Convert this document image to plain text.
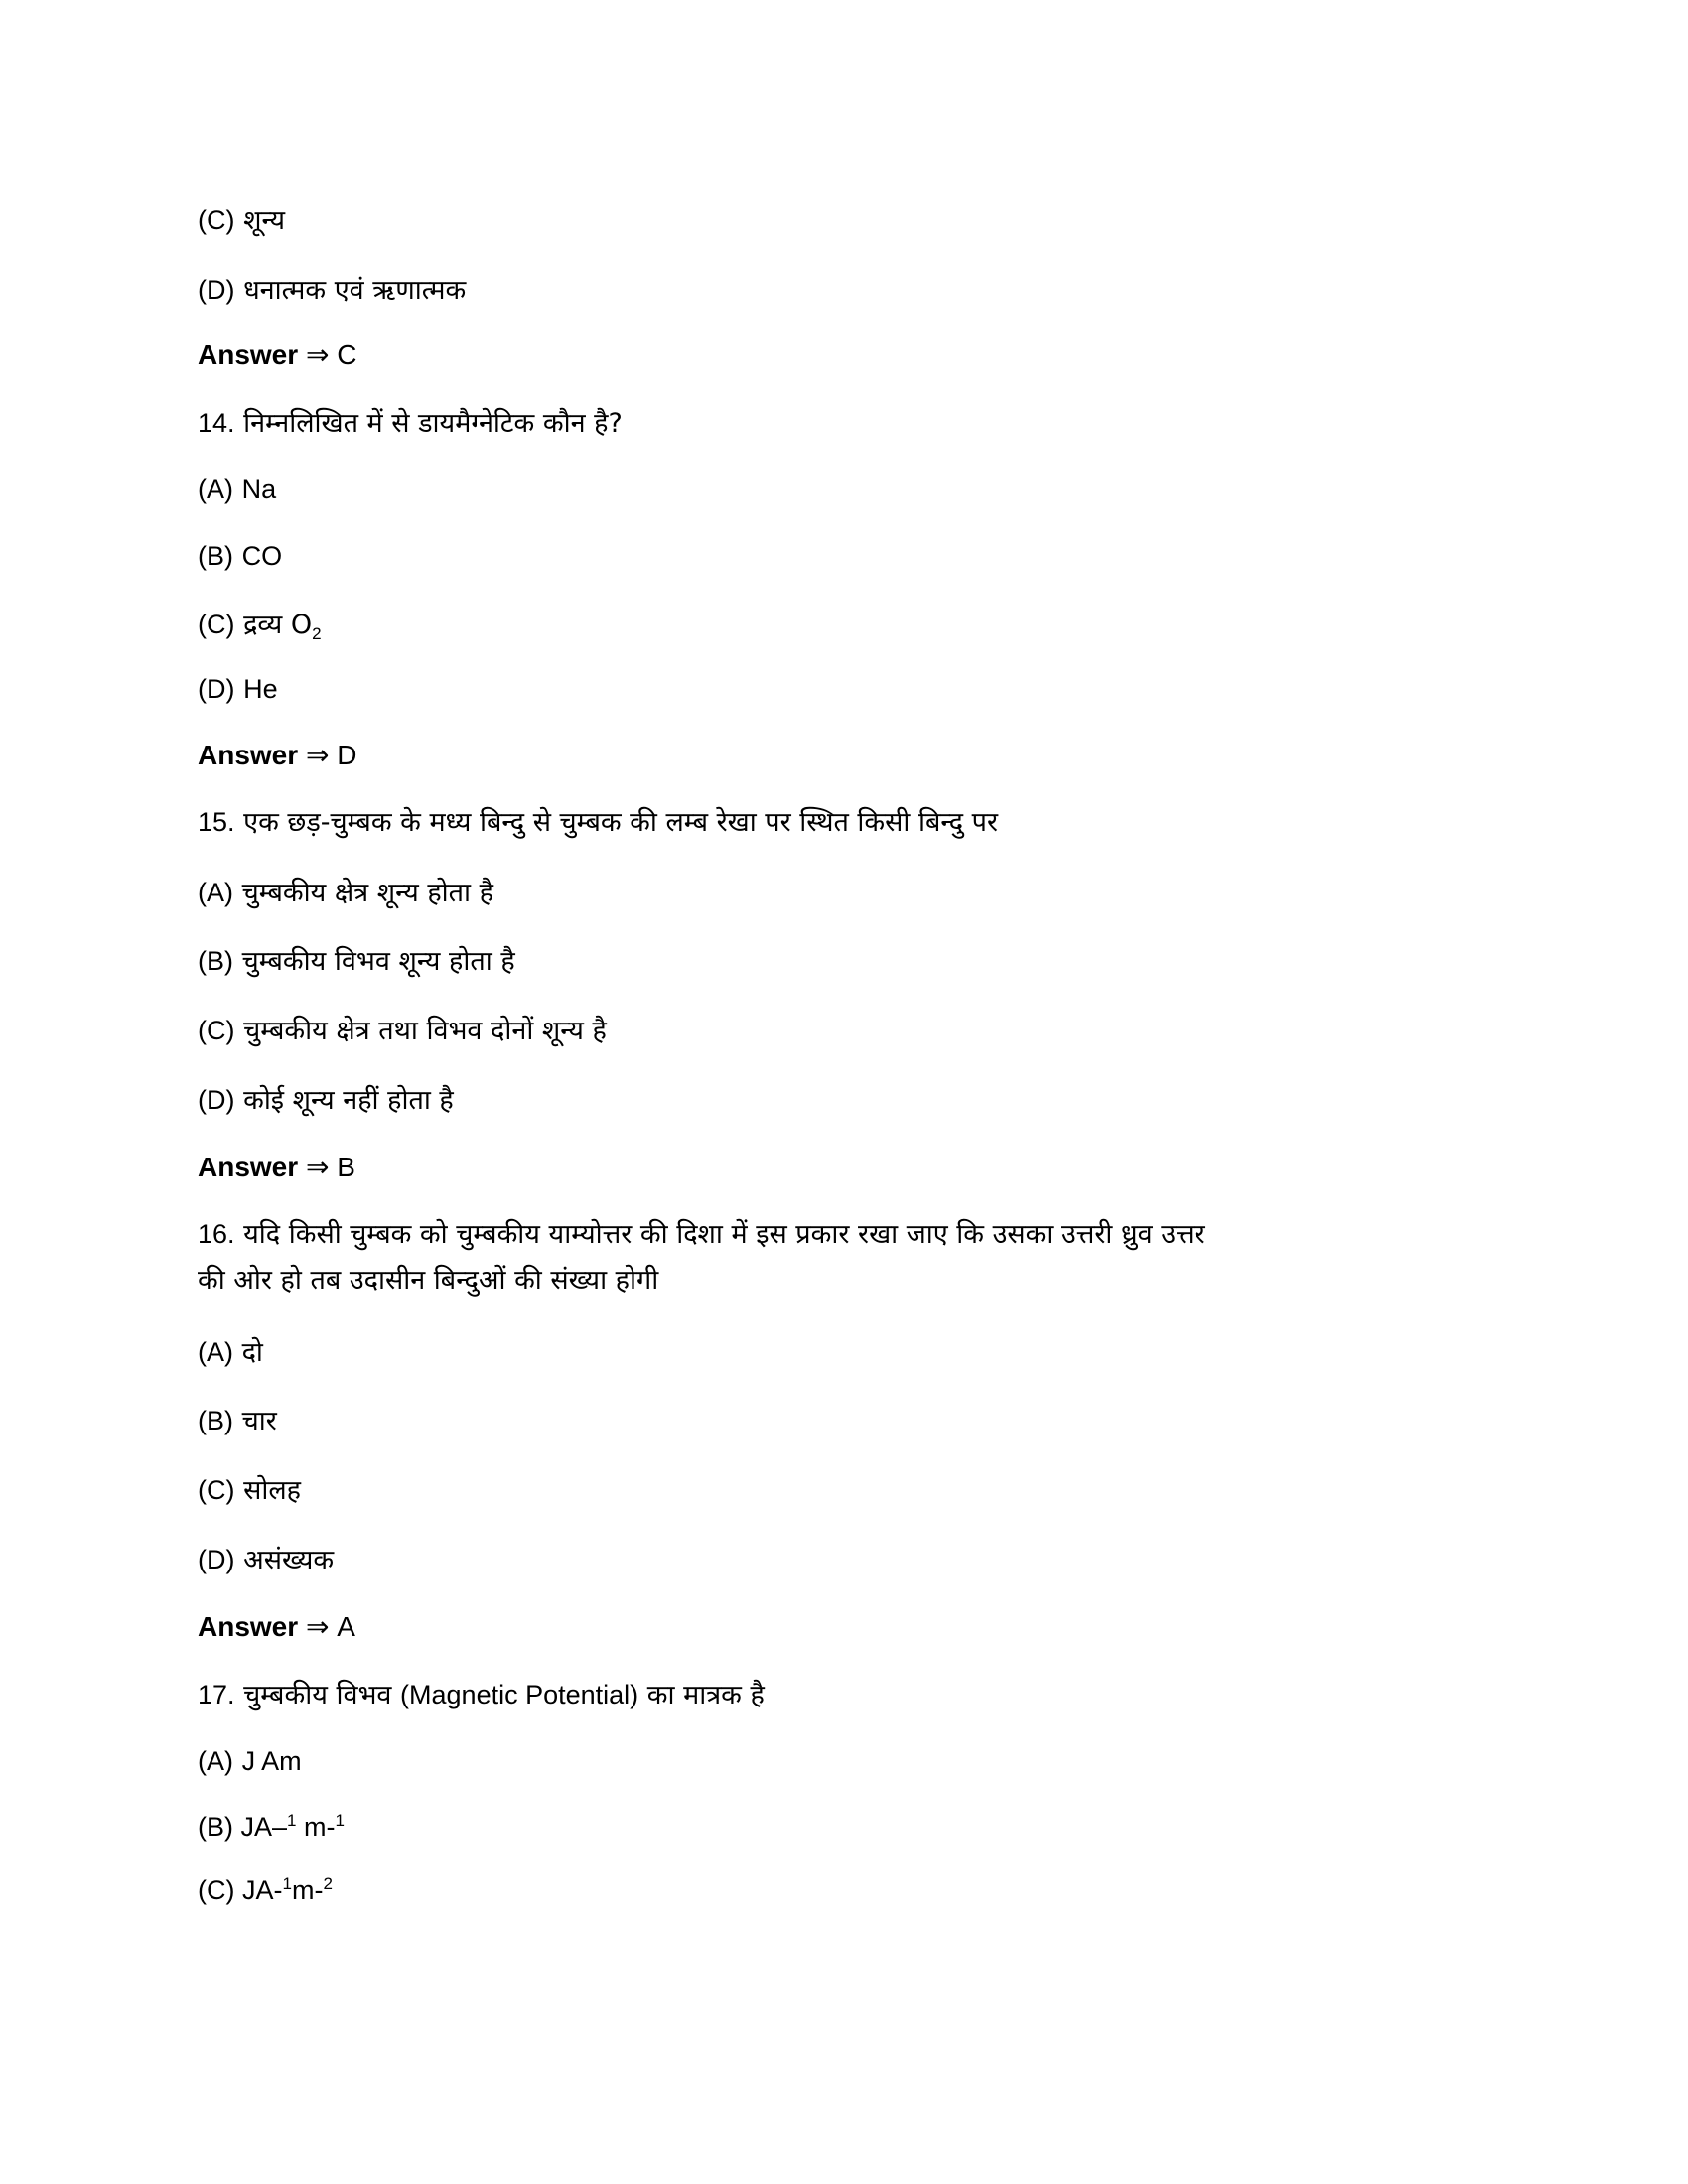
(C) शून्य
(D) धनात्मक एवं ऋणात्मक
Answer ⇒ C
14. निम्नलिखित में से डायमैग्नेटिक कौन है?
(A) Na
(B) CO
(C) द्रव्य $O_2$
(D) He
Answer ⇒ D
15. एक छड़-चुम्बक के मध्य बिन्दु से चुम्बक की लम्ब रेखा पर स्थित किसी बिन्दु पर
(A) चुम्बकीय क्षेत्र शून्य होता है
(B) चुम्बकीय विभव शून्य होता है
(C) चुम्बकीय क्षेत्र तथा विभव दोनों शून्य है
(D) कोई शून्य नहीं होता है
Answer ⇒ B
16. यदि किसी चुम्बक को चुम्बकीय याम्योत्तर की दिशा में इस प्रकार रखा जाए कि उसका उत्तरी ध्रुव उत्तर
की ओर हो तब उदासीन बिन्दुओं की संख्या होगी
(A) दो
(B) चार
(C) सोलह
(D) असंख्यक
Answer ⇒ A
17. चुम्बकीय विभव (Magnetic Potential) का मात्रक है
(A) J Am
(B) JA–$^1$ m-$^1$
(C) JA-$^1$m-$^2$
